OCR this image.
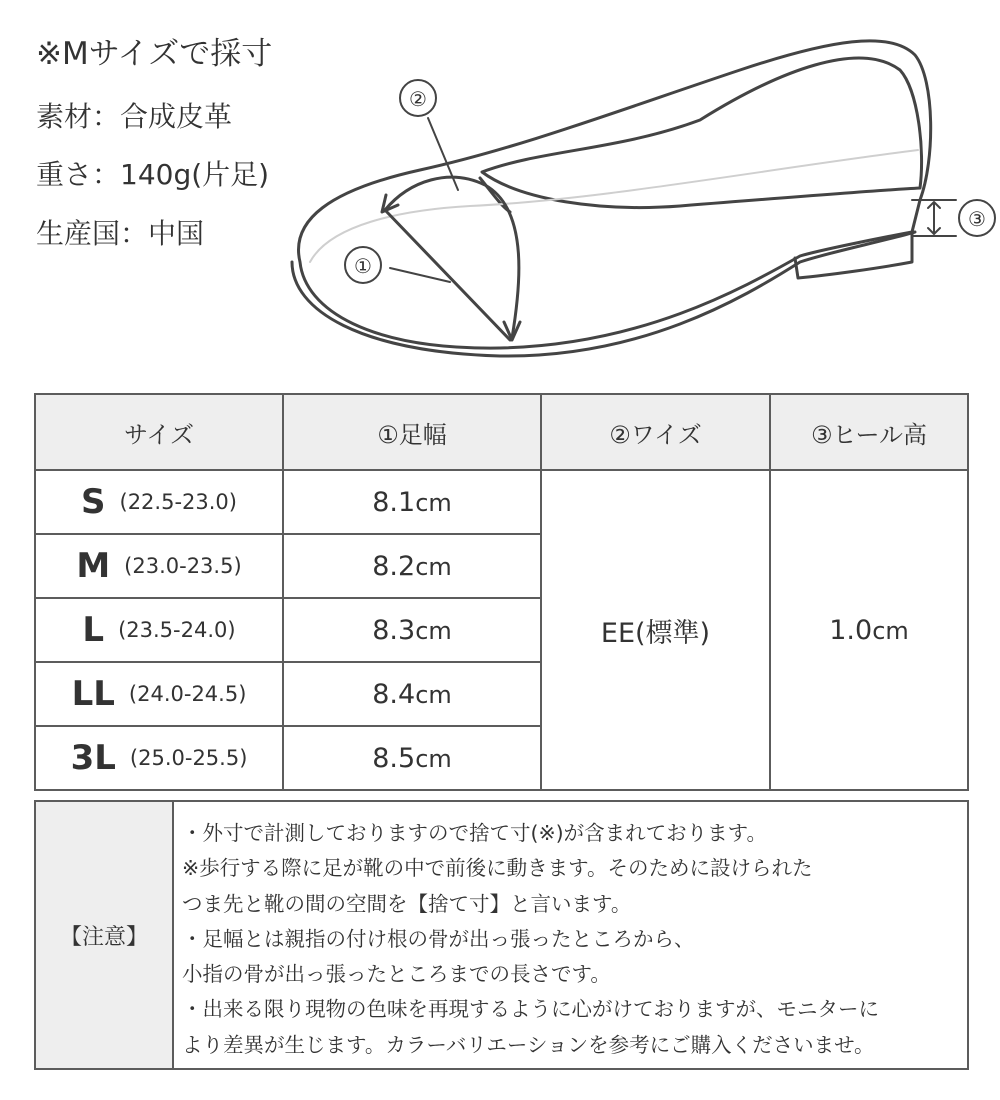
※Mサイズで採寸
素材：合成皮革
重さ：140g(片足)
生産国：中国
②
①
③
サイズ	①足幅	②ワイズ	③ヒール高
S (22.5-23.0)	8.1cm	EE(標準)	1.0cm
M (23.0-23.5)	8.2cm		
L (23.5-24.0)	8.3cm		
LL (24.0-24.5)	8.4cm		
3L (25.0-25.5)	8.5cm		
【注意】
・外寸で計測しておりますので捨て寸(※)が含まれております。
※歩行する際に足が靴の中で前後に動きます。そのために設けられた
つま先と靴の間の空間を【捨て寸】と言います。
・足幅とは親指の付け根の骨が出っ張ったところから、
小指の骨が出っ張ったところまでの長さです。
・出来る限り現物の色味を再現するように心がけておりますが、モニターに
より差異が生じます。カラーバリエーションを参考にご購入くださいませ。
